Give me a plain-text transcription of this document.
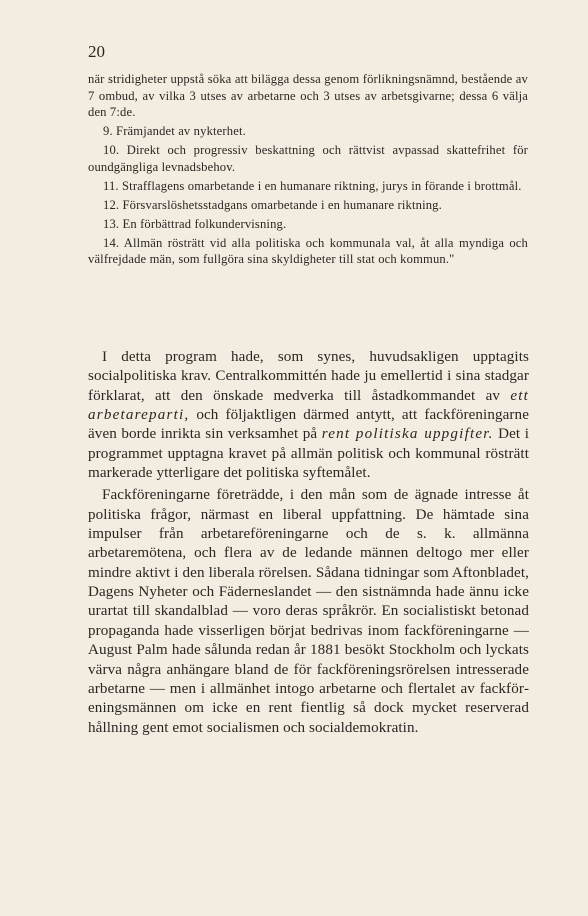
20

när stridigheter uppstå söka att bilägga dessa genom förlikningsnämnd, bestående av 7 ombud, av vilka 3 utses av arbetarne och 3 utses av arbetsgivarne; dessa 6 välja den 7:de.

9. Främjandet av nykterhet.

10. Direkt och progressiv beskattning och rättvist avpassad skattefrihet för oundgängliga levnadsbehov.

11. Strafflagens omarbetande i en humanare riktning, jurys in förande i brottmål.

12. Försvarslöshetsstadgans omarbetande i en humanare riktning.

13. En förbättrad folkundervisning.

14. Allmän rösträtt vid alla politiska och kommunala val, åt alla myndiga och välfrejdade män, som fullgöra sina skyldigheter till stat och kommun."

I detta program hade, som synes, huvudsakligen upptagits socialpolitiska krav. Centralkommittén hade ju emellertid i sina stadgar förklarat, att den önskade medverka till åstadkommandet av ett arbetareparti, och följaktligen därmed antytt, att fackföreningarne även borde inrikta sin verksamhet på rent politiska uppgifter. Det i programmet upptagna kravet på allmän politisk och kommunal rösträtt markerade ytterligare det politiska syftemålet.

Fackföreningarne företrädde, i den mån som de ägnade intresse åt politiska frågor, närmast en liberal uppfattning. De hämtade sina impulser från arbetareföreningarne och de s. k. allmänna arbetaremötena, och flera av de ledande männen deltogo mer eller mindre aktivt i den liberala rörelsen. Sådana tidningar som Aftonbladet, Dagens Nyheter och Fäderneslandet — den sistnämnda hade ännu icke urartat till skandalblad — voro deras språkrör. En socialistiskt betonad propaganda hade visserligen börjat bedrivas inom fackföreningarne — August Palm hade sålunda redan år 1881 besökt Stockholm och lyckats värva några anhängare bland de för fackföreningsrörelsen intresserade arbetarne — men i allmänhet intogo arbetarne och flertalet av fackföreningsmännen om icke en rent fientlig så dock mycket reserverad hållning gent emot socialismen och socialdemokratin.
